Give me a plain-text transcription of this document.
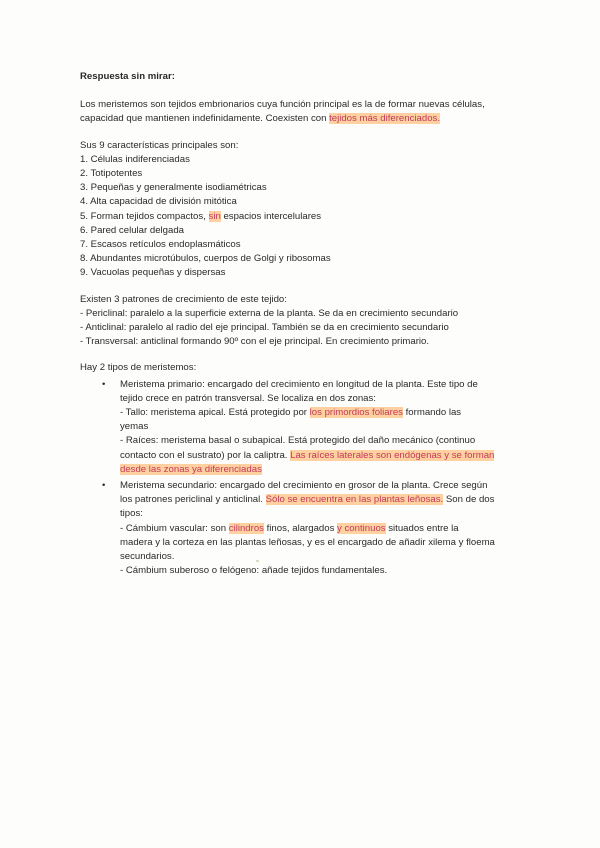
Respuesta sin mirar:

Los meristemos son tejidos embrionarios cuya función principal es la de formar nuevas células, capacidad que mantienen indefinidamente. Coexisten con tejidos más diferenciados.

Sus 9 características principales son:

1. Células indiferenciadas

2. Totipotentes

3. Pequeñas y generalmente isodiamétricas

4. Alta capacidad de división mitótica

5. Forman tejidos compactos, sin espacios intercelulares

6. Pared celular delgada

7. Escasos retículos endoplasmáticos

8. Abundantes microtúbulos, cuerpos de Golgi y ribosomas

9. Vacuolas pequeñas y dispersas

Existen 3 patrones de crecimiento de este tejido:

- Periclinal: paralelo a la superficie externa de la planta. Se da en crecimiento secundario

- Anticlinal: paralelo al radio del eje principal. También se da en crecimiento secundario

- Transversal: anticlinal formando 90º con el eje principal. En crecimiento primario.

Hay 2 tipos de meristemos:

• Meristema primario: encargado del crecimiento en longitud de la planta. Este tipo de

tejido crece en patrón transversal. Se localiza en dos zonas:

- Tallo: meristema apical. Está protegido por los primordios foliares formando las

yemas

- Raíces: meristema basal o subapical. Está protegido del daño mecánico (continuo

contacto con el sustrato) por la caliptra. Las raíces laterales son endógenas y se forman

desde las zonas ya diferenciadas

• Meristema secundario: encargado del crecimiento en grosor de la planta. Crece según

los patrones periclinal y anticlinal. Sólo se encuentra en las plantas leñosas. Son de dos

tipos:

- Cámbium vascular: son cilindros finos, alargados y continuos situados entre la

madera y la corteza en las plantas leñosas, y es el encargado de añadir xilema y floema

secundarios.

- Cámbium suberoso o felógeno: añade tejidos fundamentales.
